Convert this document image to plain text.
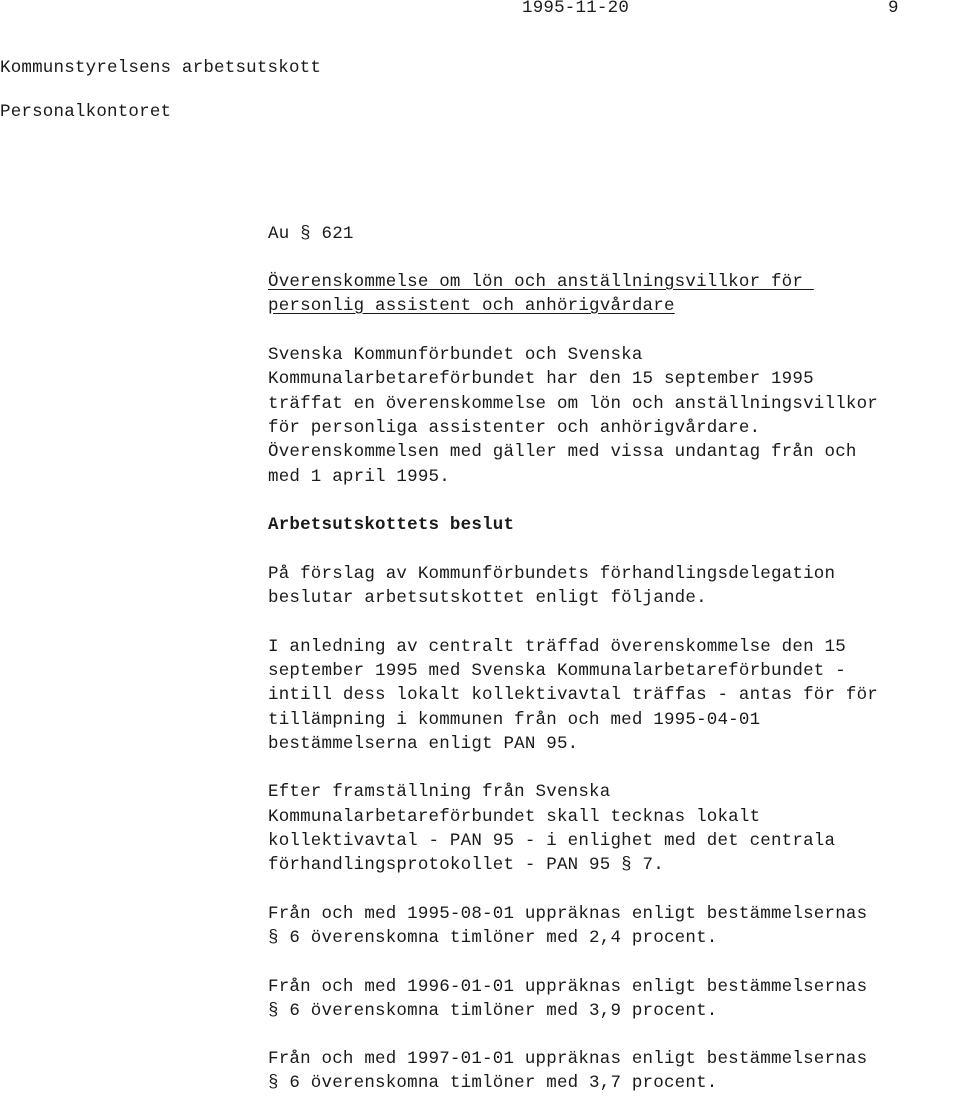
1995-11-20	9
Kommunstyrelsens arbetsutskott
Personalkontoret
Au § 621
Överenskommelse om lön och anställningsvillkor för
personlig assistent och anhörigvårdare
Svenska Kommunförbundet och Svenska
Kommunalarbetareförbundet har den 15 september 1995
träffat en överenskommelse om lön och anställningsvillkor
för personliga assistenter och anhörigvårdare.
Överenskommelsen med gäller med vissa undantag från och
med 1 april 1995.
Arbetsutskottets beslut
På förslag av Kommunförbundets förhandlingsdelegation
beslutar arbetsutskottet enligt följande.
I anledning av centralt träffad överenskommelse den 15
september 1995 med Svenska Kommunalarbetareförbundet -
intill dess lokalt kollektivavtal träffas - antas för för
tillämpning i kommunen från och med 1995-04-01
bestämmelserna enligt PAN 95.
Efter framställning från Svenska
Kommunalarbetareförbundet skall tecknas lokalt
kollektivavtal - PAN 95 - i enlighet med det centrala
förhandlingsprotokollet - PAN 95 § 7.
Från och med 1995-08-01 uppräknas enligt bestämmelsernas
§ 6 överenskomna timlöner med 2,4 procent.
Från och med 1996-01-01 uppräknas enligt bestämmelsernas
§ 6 överenskomna timlöner med 3,9 procent.
Från och med 1997-01-01 uppräknas enligt bestämmelsernas
§ 6 överenskomna timlöner med 3,7 procent.
